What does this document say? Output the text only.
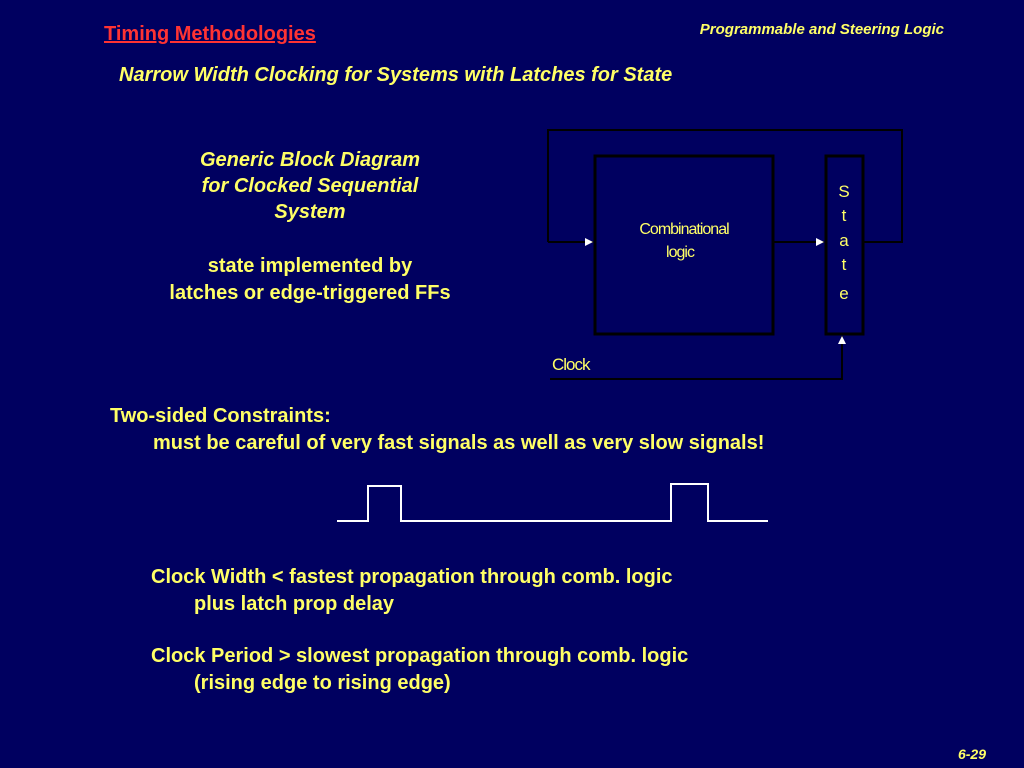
Timing Methodologies	Programmable and Steering Logic
Narrow Width Clocking for Systems with Latches for State
Generic Block Diagram
for Clocked Sequential
System
state implemented by
latches or edge-triggered FFs
Combinational
logic
S
t
a
t
e
Clock
Two-sided Constraints:
must be careful of very fast signals as well as very slow signals!
Clock Width < fastest propagation through comb. logic
plus latch prop delay
Clock Period > slowest propagation through comb. logic
(rising edge to rising edge)
6-29
